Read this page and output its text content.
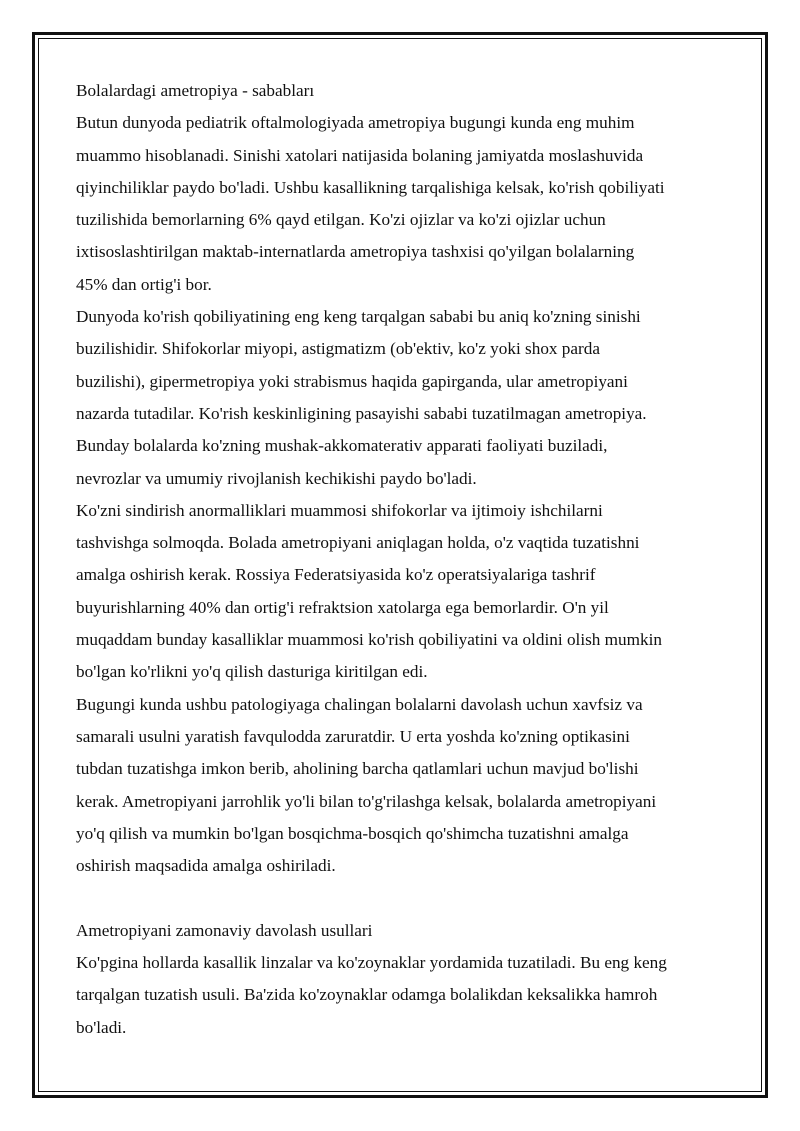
Bolalardagi ametropiya - sababları
Butun dunyoda pediatrik oftalmologiyada ametropiya bugungi kunda eng muhim
muammo hisoblanadi. Sinishi xatolari natijasida bolaning jamiyatda moslashuvida
qiyinchiliklar paydo bo'ladi. Ushbu kasallikning tarqalishiga kelsak, ko'rish qobiliyati
tuzilishida bemorlarning 6% qayd etilgan. Ko'zi ojizlar va ko'zi ojizlar uchun
ixtisoslashtirilgan maktab-internatlarda ametropiya tashxisi qo'yilgan bolalarning
45% dan ortig'i bor.
Dunyoda ko'rish qobiliyatining eng keng tarqalgan sababi bu aniq ko'zning sinishi
buzilishidir. Shifokorlar miyopi, astigmatizm (ob'ektiv, ko'z yoki shox parda
buzilishi), gipermetropiya yoki strabismus haqida gapirganda, ular ametropiyani
nazarda tutadilar. Ko'rish keskinligining pasayishi sababi tuzatilmagan ametropiya.
Bunday bolalarda ko'zning mushak-akkomaterativ apparati faoliyati buziladi,
nevrozlar va umumiy rivojlanish kechikishi paydo bo'ladi.
Ko'zni sindirish anormalliklari muammosi shifokorlar va ijtimoiy ishchilarni
tashvishga solmoqda. Bolada ametropiyani aniqlagan holda, o'z vaqtida tuzatishni
amalga oshirish kerak. Rossiya Federatsiyasida ko'z operatsiyalariga tashrif
buyurishlarning 40% dan ortig'i refraktsion xatolarga ega bemorlardir. O'n yil
muqaddam bunday kasalliklar muammosi ko'rish qobiliyatini va oldini olish mumkin
bo'lgan ko'rlikni yo'q qilish dasturiga kiritilgan edi.
Bugungi kunda ushbu patologiyaga chalingan bolalarni davolash uchun xavfsiz va
samarali usulni yaratish favqulodda zaruratdir. U erta yoshda ko'zning optikasini
tubdan tuzatishga imkon berib, aholining barcha qatlamlari uchun mavjud bo'lishi
kerak. Ametropiyani jarrohlik yo'li bilan to'g'rilashga kelsak, bolalarda ametropiyani
yo'q qilish va mumkin bo'lgan bosqichma-bosqich qo'shimcha tuzatishni amalga
oshirish maqsadida amalga oshiriladi.
Ametropiyani zamonaviy davolash usullari
Ko'pgina hollarda kasallik linzalar va ko'zoynaklar yordamida tuzatiladi. Bu eng keng
tarqalgan tuzatish usuli. Ba'zida ko'zoynaklar odamga bolalikdan keksalikka hamroh
bo'ladi.
